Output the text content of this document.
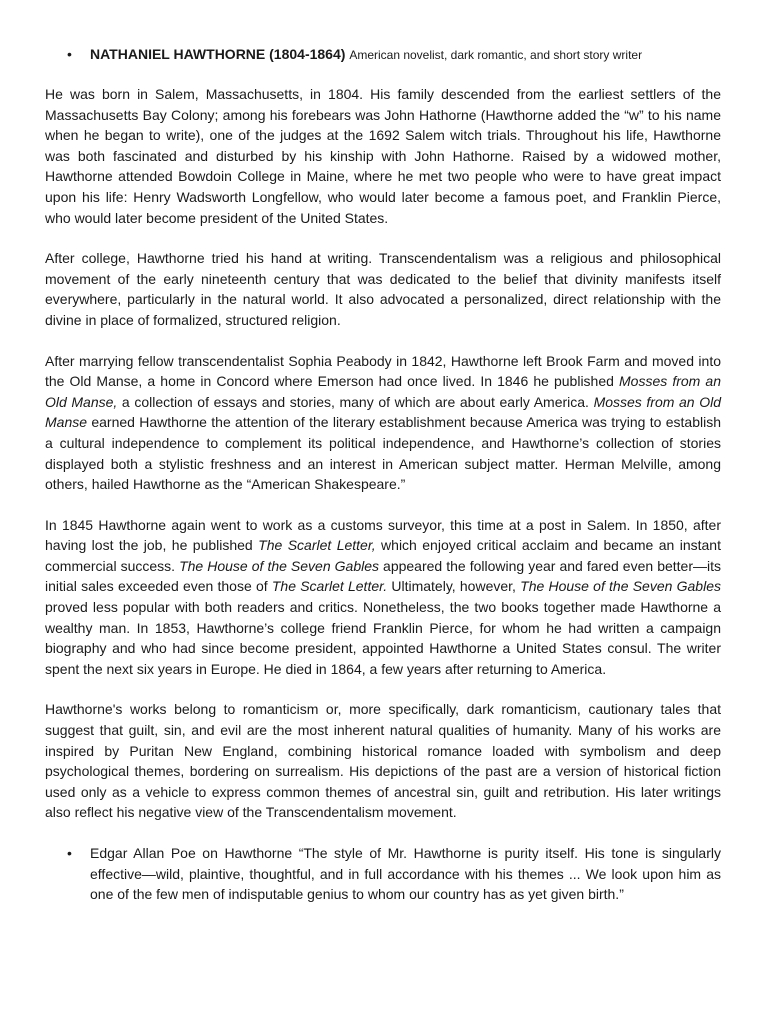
•	NATHANIEL HAWTHORNE (1804-1864) American novelist, dark romantic, and short story writer

He was born in Salem, Massachusetts, in 1804. His family descended from the earliest settlers of the Massachusetts Bay Colony; among his forebears was John Hathorne (Hawthorne added the “w” to his name when he began to write), one of the judges at the 1692 Salem witch trials. Throughout his life, Hawthorne was both fascinated and disturbed by his kinship with John Hathorne. Raised by a widowed mother, Hawthorne attended Bowdoin College in Maine, where he met two people who were to have great impact upon his life: Henry Wadsworth Longfellow, who would later become a famous poet, and Franklin Pierce, who would later become president of the United States.

After college, Hawthorne tried his hand at writing. Transcendentalism was a religious and philosophical movement of the early nineteenth century that was dedicated to the belief that divinity manifests itself everywhere, particularly in the natural world. It also advocated a personalized, direct relationship with the divine in place of formalized, structured religion.

After marrying fellow transcendentalist Sophia Peabody in 1842, Hawthorne left Brook Farm and moved into the Old Manse, a home in Concord where Emerson had once lived. In 1846 he published Mosses from an Old Manse, a collection of essays and stories, many of which are about early America. Mosses from an Old Manse earned Hawthorne the attention of the literary establishment because America was trying to establish a cultural independence to complement its political independence, and Hawthorne’s collection of stories displayed both a stylistic freshness and an interest in American subject matter. Herman Melville, among others, hailed Hawthorne as the “American Shakespeare.”

In 1845 Hawthorne again went to work as a customs surveyor, this time at a post in Salem. In 1850, after having lost the job, he published The Scarlet Letter, which enjoyed critical acclaim and became an instant commercial success. The House of the Seven Gables appeared the following year and fared even better—its initial sales exceeded even those of The Scarlet Letter. Ultimately, however, The House of the Seven Gables proved less popular with both readers and critics. Nonetheless, the two books together made Hawthorne a wealthy man. In 1853, Hawthorne’s college friend Franklin Pierce, for whom he had written a campaign biography and who had since become president, appointed Hawthorne a United States consul. The writer spent the next six years in Europe. He died in 1864, a few years after returning to America.

Hawthorne's works belong to romanticism or, more specifically, dark romanticism, cautionary tales that suggest that guilt, sin, and evil are the most inherent natural qualities of humanity. Many of his works are inspired by Puritan New England, combining historical romance loaded with symbolism and deep psychological themes, bordering on surrealism. His depictions of the past are a version of historical fiction used only as a vehicle to express common themes of ancestral sin, guilt and retribution. His later writings also reflect his negative view of the Transcendentalism movement.

•	Edgar Allan Poe on Hawthorne “The style of Mr. Hawthorne is purity itself. His tone is singularly effective—wild, plaintive, thoughtful, and in full accordance with his themes ... We look upon him as one of the few men of indisputable genius to whom our country has as yet given birth.”
